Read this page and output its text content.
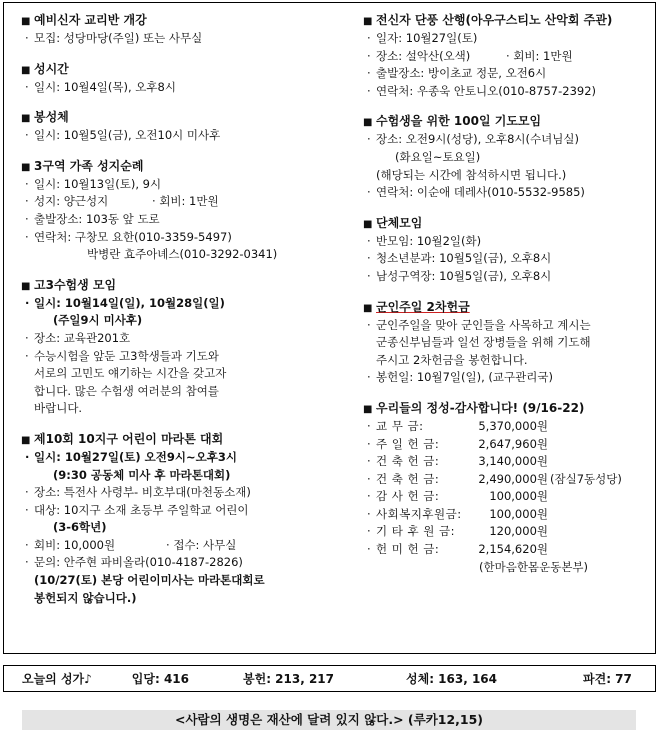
■ 예비신자 교리반 개강
· 모집: 성당마당(주일) 또는 사무실
■ 성시간
· 일시: 10월4일(목), 오후8시
■ 봉성체
· 일시: 10월5일(금), 오전10시 미사후
■ 3구역 가족 성지순례
· 일시: 10월13일(토), 9시
· 성지: 양근성지	· 회비: 1만원
· 출발장소: 103동 앞 도로
· 연락처: 구창모 요한(010-3359-5497)
박병란 효주아녜스(010-3292-0341)
■ 고3수험생 모임
· 일시: 10월14일(일), 10월28일(일)
(주일9시 미사후)
· 장소: 교육관201호
· 수능시험을 앞둔 고3학생들과 기도와
서로의 고민도 얘기하는 시간을 갖고자
합니다. 많은 수험생 여러분의 참여를
바랍니다.
■ 제10회 10지구 어린이 마라톤 대회
· 일시: 10월27일(토) 오전9시~오후3시
(9:30 공동체 미사 후 마라톤대회)
· 장소: 특전사 사령부- 비호부대(마천동소재)
· 대상: 10지구 소재 초등부 주일학교 어린이
(3-6학년)
· 회비: 10,000원	· 접수: 사무실
· 문의: 안주현 파비올라(010-4187-2826)
(10/27(토) 본당 어린이미사는 마라톤대회로
봉헌되지 않습니다.)
■ 전신자 단풍 산행(아우구스티노 산악회 주관)
· 일자: 10월27일(토)
· 장소: 설악산(오색)	· 회비: 1만원
· 출발장소: 방이초교 정문, 오전6시
· 연락처: 우종욱 안토니오(010-8757-2392)
■ 수험생을 위한 100일 기도모임
· 장소: 오전9시(성당), 오후8시(수녀님실)
(화요일~토요일)
(해당되는 시간에 참석하시면 됩니다.)
· 연락처: 이순애 데레사(010-5532-9585)
■ 단체모임
· 반모임: 10월2일(화)
· 청소년분과: 10월5일(금), 오후8시
· 남성구역장: 10월5일(금), 오후8시
■ 군인주일 2차헌금
· 군인주일을 맞아 군인들을 사목하고 계시는
군종신부님들과 일선 장병들을 위해 기도해
주시고 2차헌금을 봉헌합니다.
· 봉헌일: 10월7일(일), (교구관리국)
■ 우리들의 정성-감사합니다! (9/16-22)
· 교 무 금:	5,370,000원
· 주 일 헌 금:	2,647,960원
· 건 축 헌 금:	3,140,000원
· 건 축 헌 금:	2,490,000원 (잠실7동성당)
· 감 사 헌 금:	100,000원
· 사회복지후원금:	100,000원
· 기 타 후 원 금:	120,000원
· 헌 미 헌 금:	2,154,620원
(한마음한몸운동본부)
오늘의 성가♪	입당: 416	봉헌: 213, 217	성체: 163, 164	파견: 77
<사람의 생명은 재산에 달려 있지 않다.> (루카12,15)
